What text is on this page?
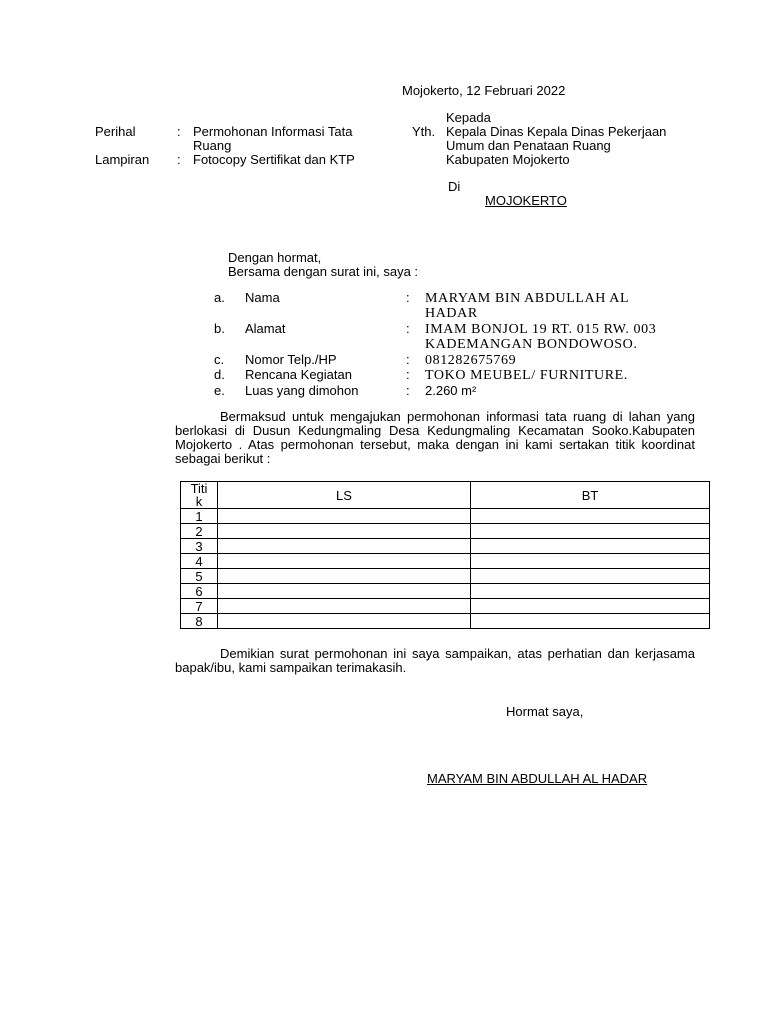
Mojokerto, 12 Februari 2022
Perihal	: Permohonan Informasi Tata
Ruang
Lampiran : Fotocopy Sertifikat dan KTP
Kepada
Yth. Kepala Dinas Kepala Dinas Pekerjaan
Umum dan Penataan Ruang
Kabupaten Mojokerto
Di
MOJOKERTO
Dengan hormat,
Bersama dengan surat ini, saya :
a. Nama	: MARYAM BIN ABDULLAH AL
HADAR
b. Alamat	: IMAM BONJOL 19 RT. 015 RW. 003
KADEMANGAN BONDOWOSO.
c. Nomor Telp./HP	: 081282675769
d. Rencana Kegiatan	: TOKO MEUBEL/ FURNITURE.
e. Luas yang dimohon	: 2.260 m²
Bermaksud untuk mengajukan permohonan informasi tata ruang di lahan yang berlokasi di Dusun Kedungmaling Desa Kedungmaling Kecamatan Sooko.Kabupaten Mojokerto . Atas permohonan tersebut, maka dengan ini kami sertakan titik koordinat sebagai berikut :
Titi
k	LS	BT
1		
2		
3		
4		
5		
6		
7		
8		
Demikian surat permohonan ini saya sampaikan, atas perhatian dan kerjasama bapak/ibu, kami sampaikan terimakasih.
Hormat saya,
MARYAM BIN ABDULLAH AL HADAR
